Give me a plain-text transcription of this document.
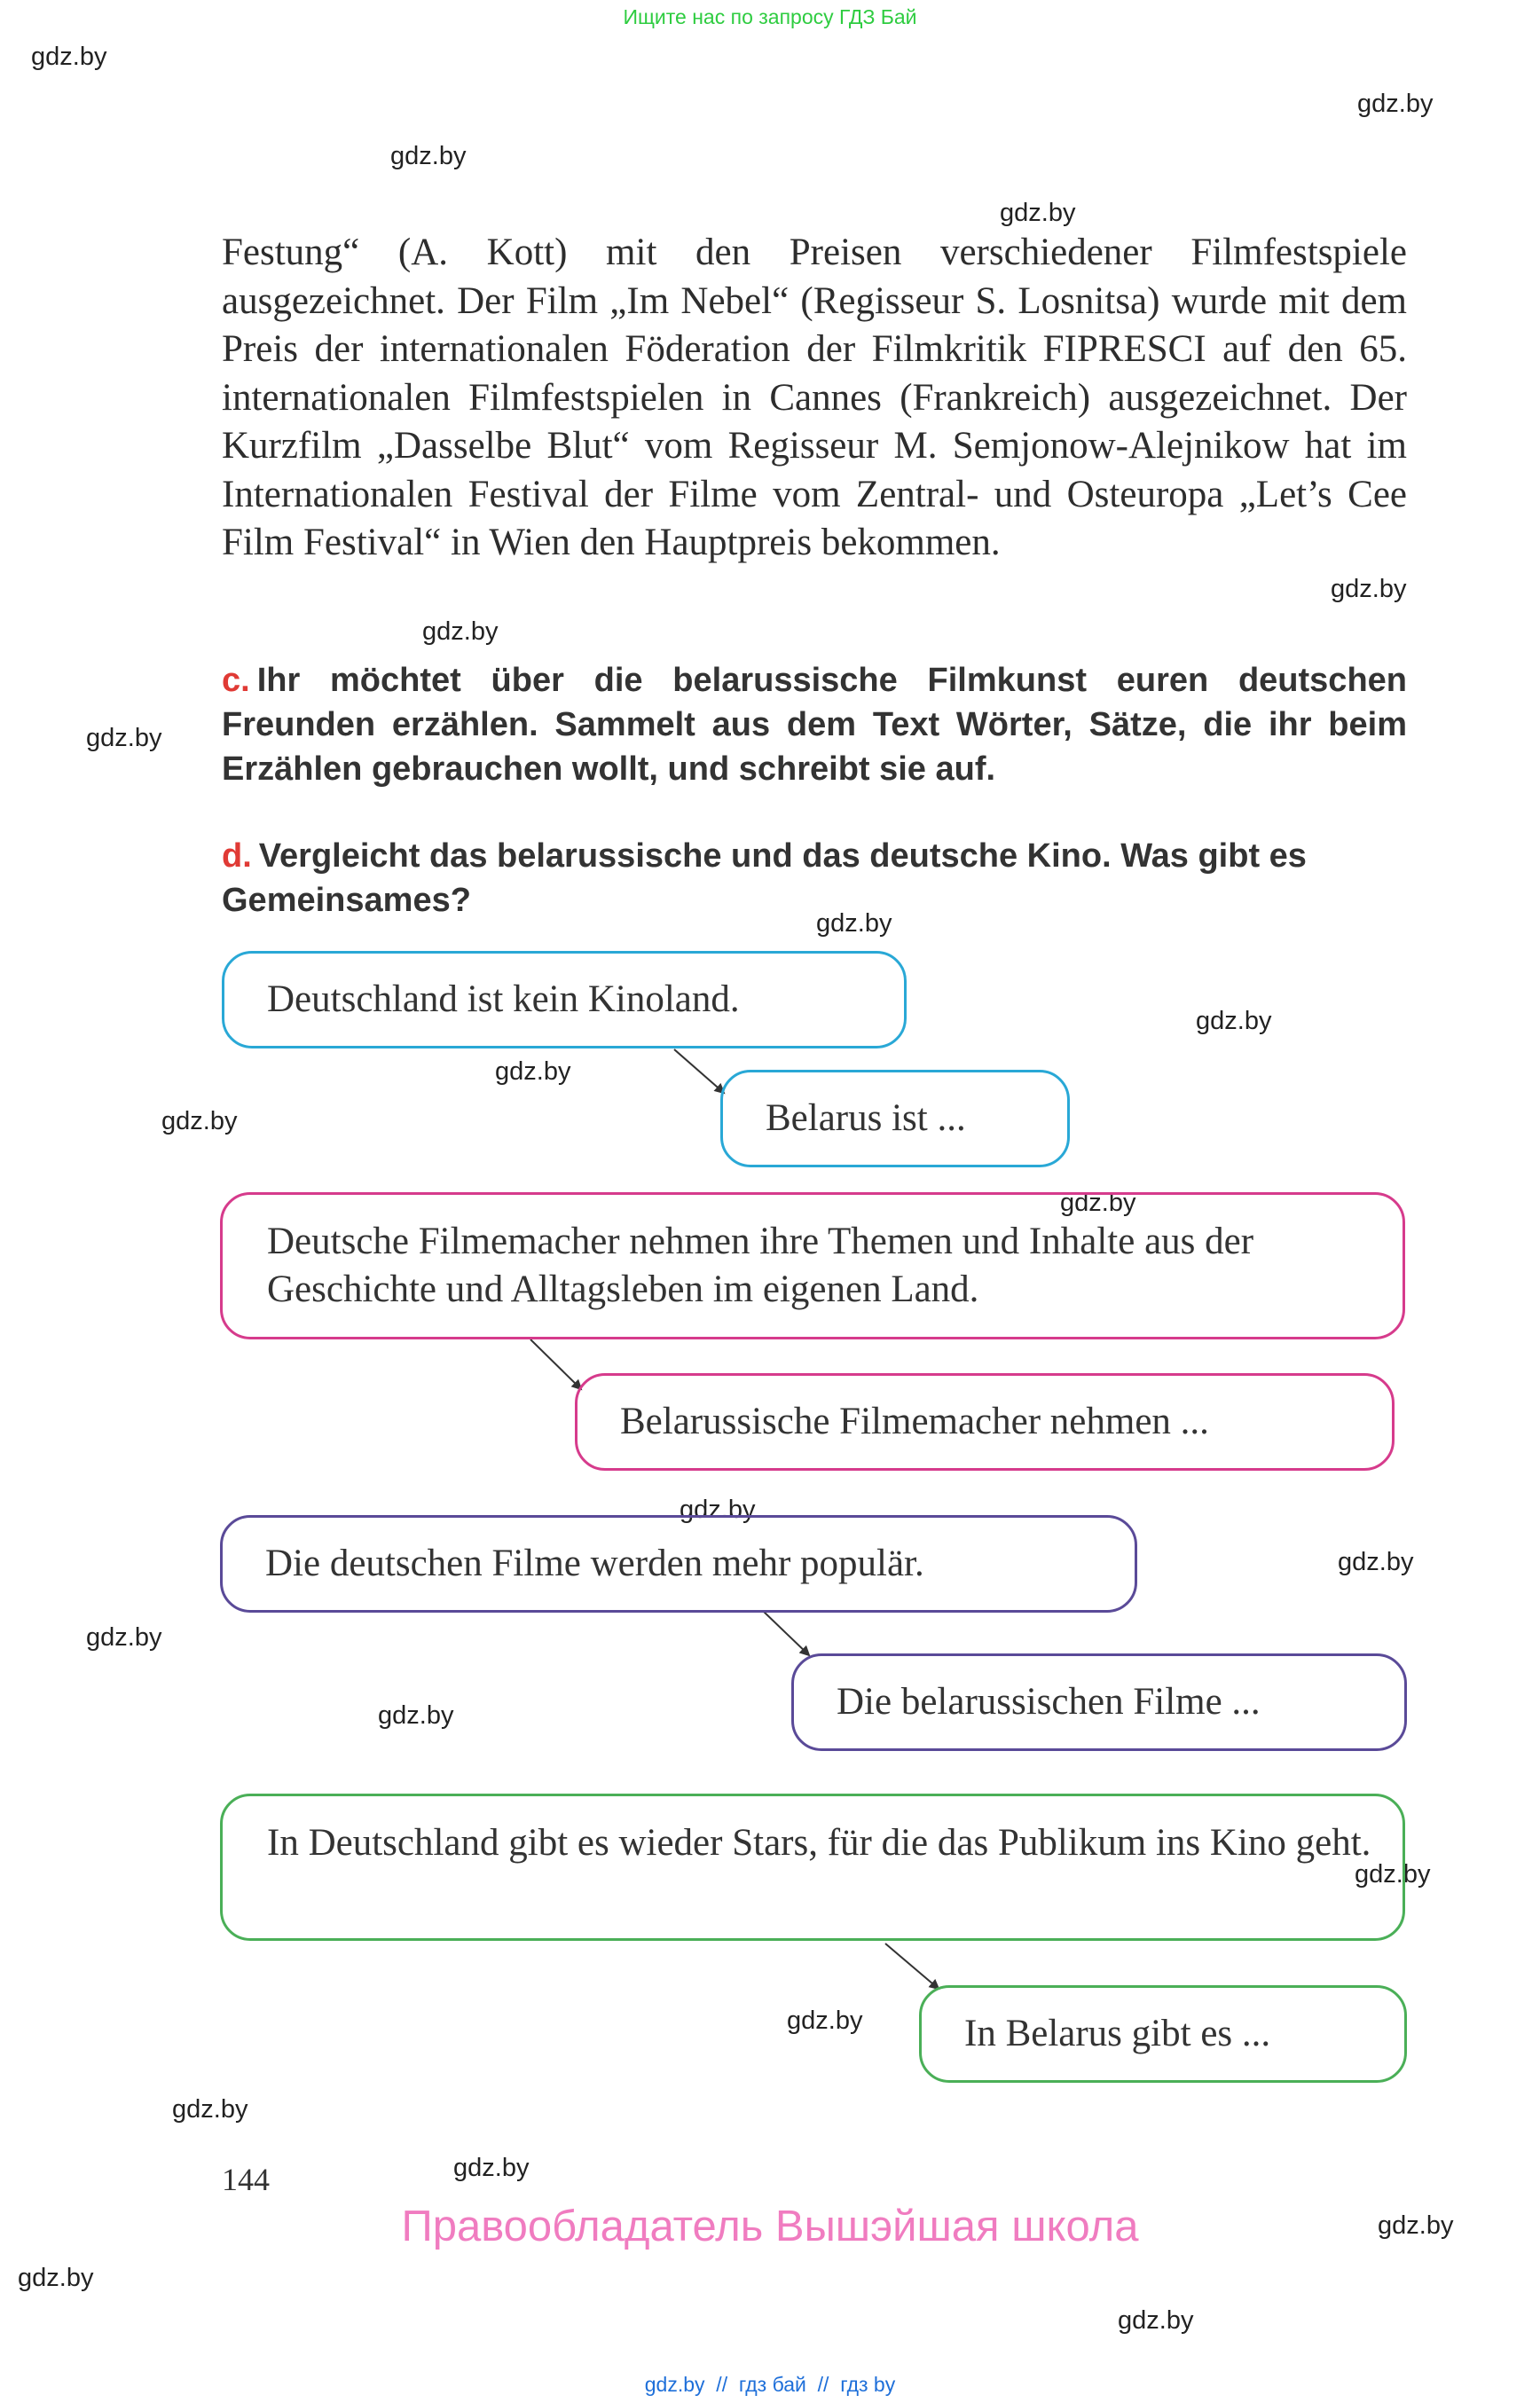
Ищите нас по запросу ГДЗ Бай
gdz.by
gdz.by
gdz.by
gdz.by
gdz.by
gdz.by
gdz.by
gdz.by
gdz.by
gdz.by
gdz.by
gdz.by
gdz.by
gdz.by
gdz.by
gdz.by
gdz.by
gdz.by
gdz.by
gdz.by
gdz.by
gdz.by
gdz.by
Festung“ (A. Kott) mit den Preisen verschiedener Filmfestspiele ausgezeichnet. Der Film „Im Nebel“ (Regisseur S. Losnitsa) wurde mit dem Preis der internationalen Föderation der Filmkritik FIPRESCI auf den 65. internationalen Filmfestspielen in Cannes (Frankreich) ausgezeichnet. Der Kurzfilm „Dasselbe Blut“ vom Regisseur M. Semjonow-Alejnikow hat im Internationalen Festival der Filme vom Zentral- und Osteuropa „Let’s Cee Film Festival“ in Wien den Hauptpreis bekommen.
c. Ihr möchtet über die belarussische Filmkunst euren deutschen Freunden erzählen. Sammelt aus dem Text Wörter, Sätze, die ihr beim Erzählen gebrauchen wollt, und schreibt sie auf.
d. Vergleicht das belarussische und das deutsche Kino. Was gibt es Gemeinsames?
Deutschland ist kein Kinoland.
Belarus ist ...
Deutsche Filmemacher nehmen ihre Themen und Inhalte aus der Geschichte und Alltagsleben im eigenen Land.
Belarussische Filmemacher nehmen ...
Die deutschen Filme werden mehr populär.
Die belarussischen Filme ...
In Deutschland gibt es wieder Stars, für die das Publikum ins Kino geht.
In Belarus gibt es ...
144
Правообладатель Вышэйшая школа
gdz.by  //  гдз бай  //  гдз by
